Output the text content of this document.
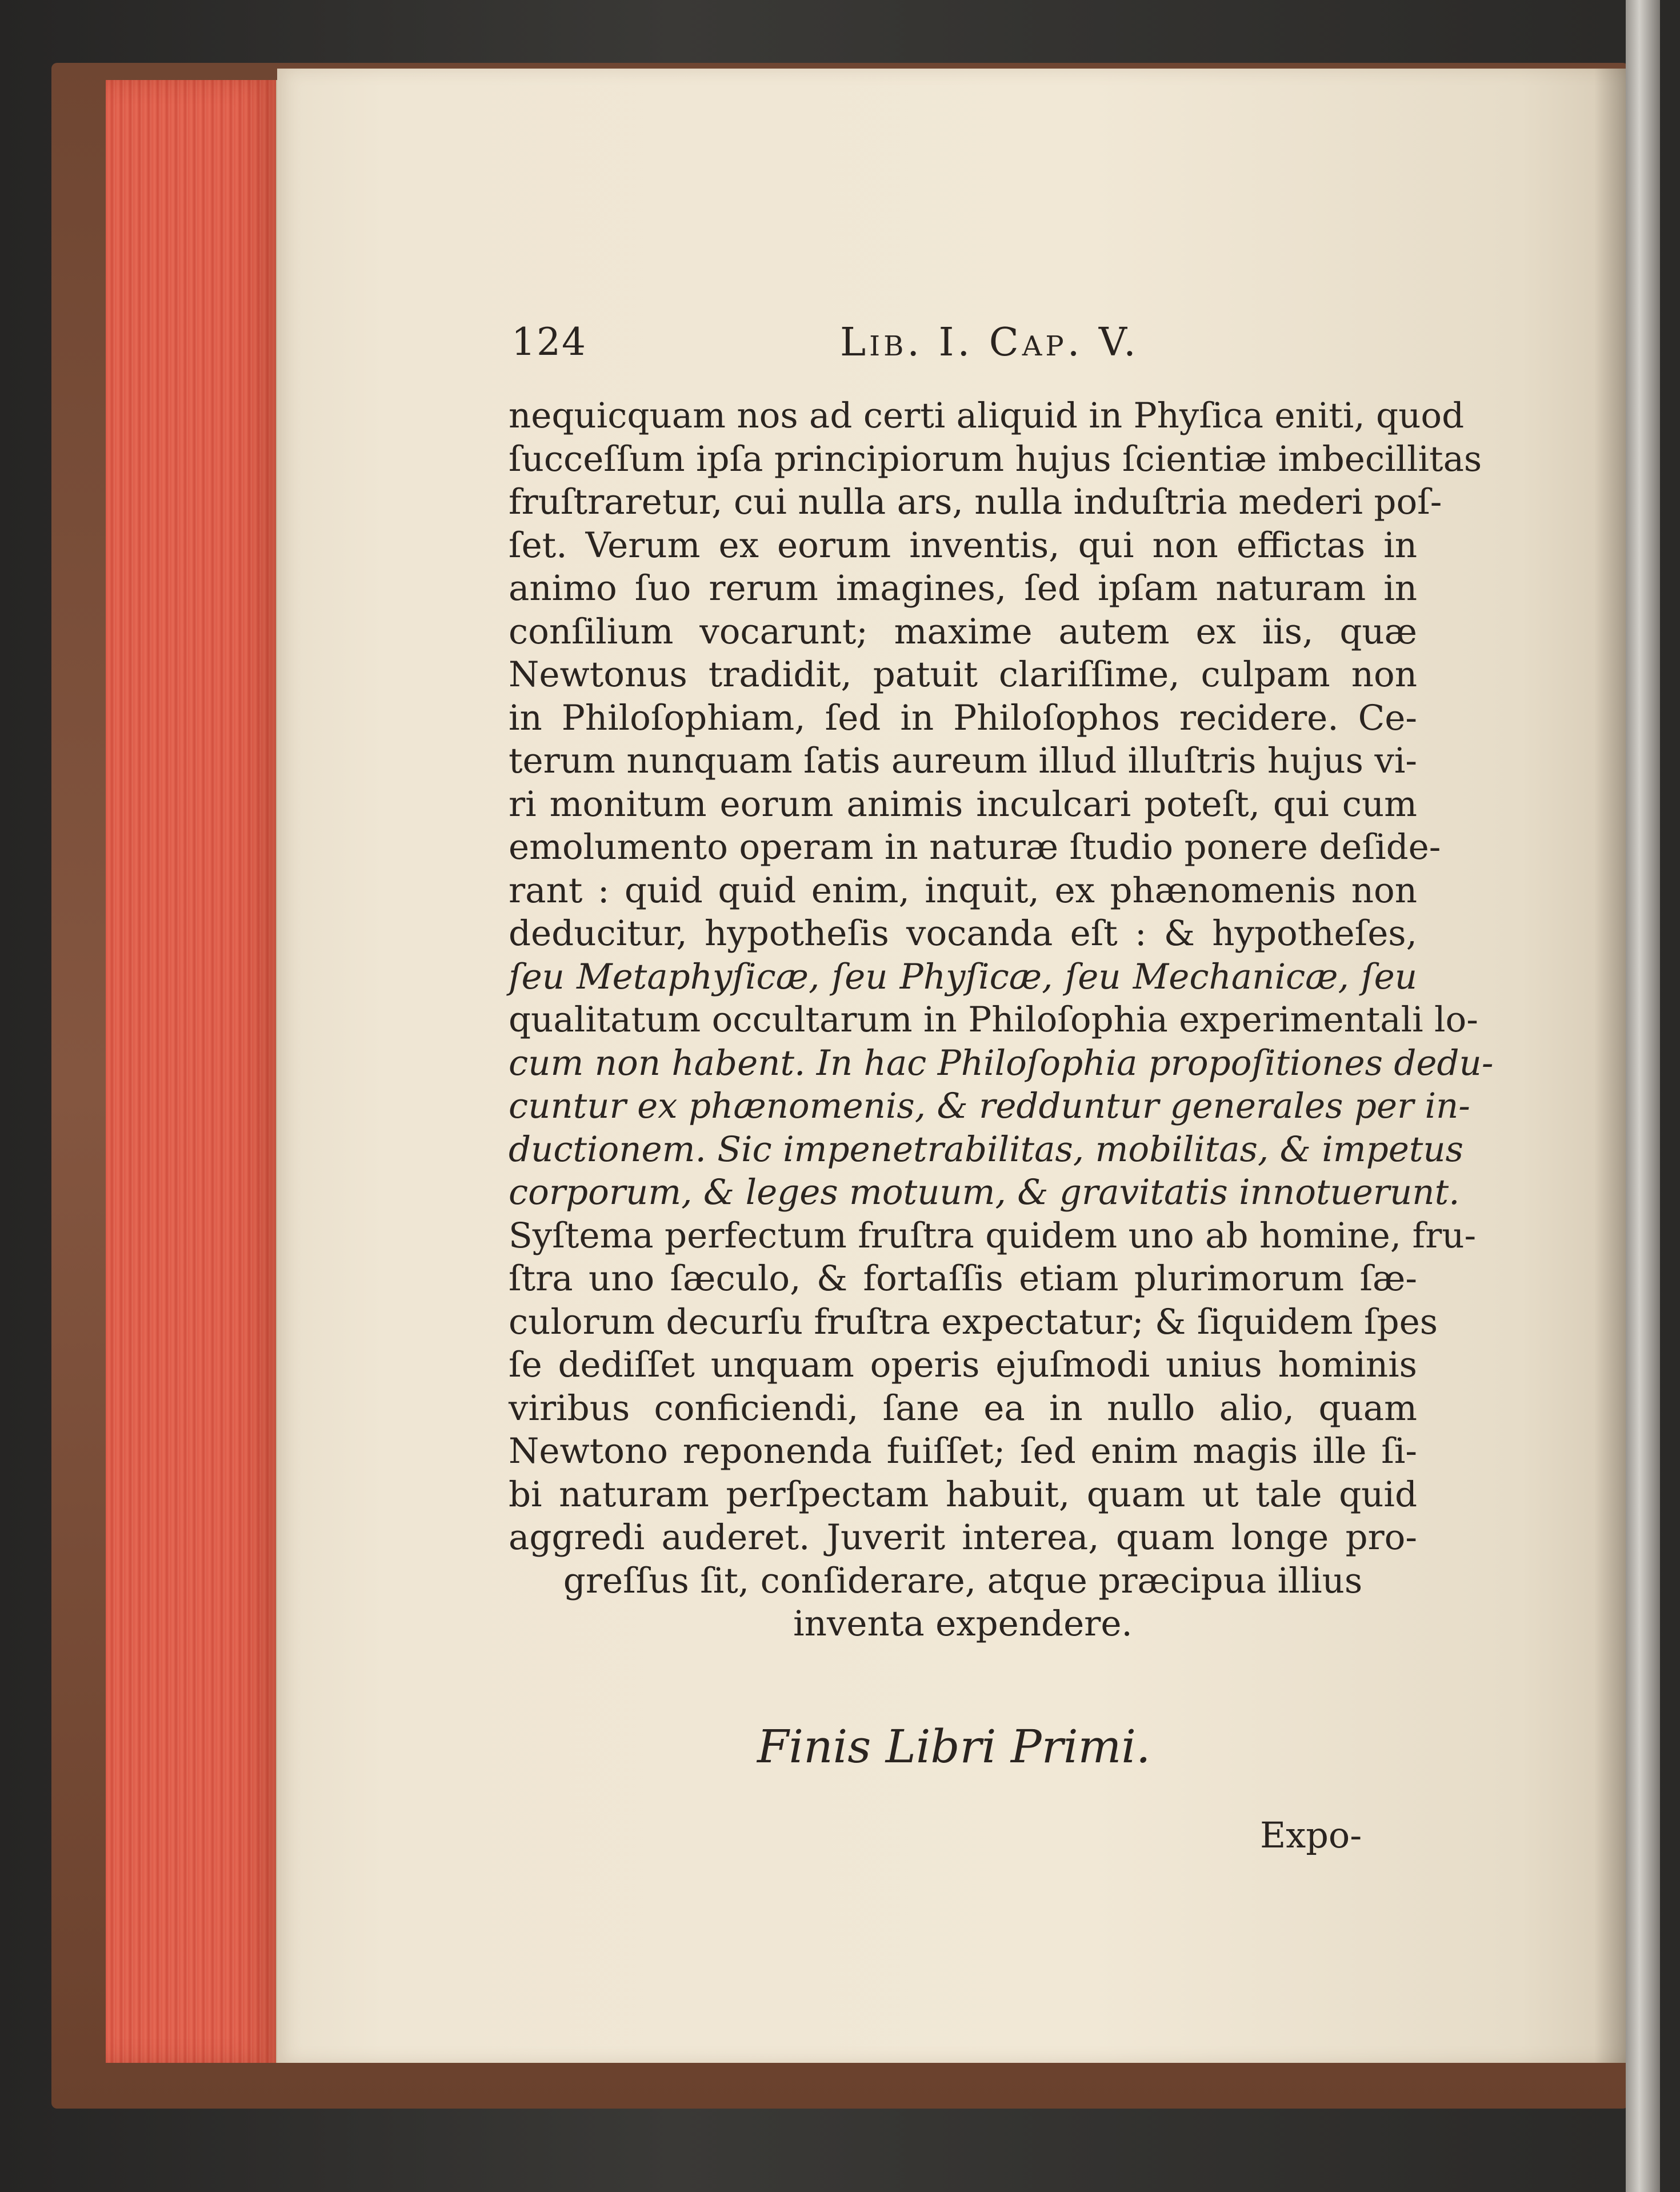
124	Lib. I. Cap. V.
nequicquam nos ad certi aliquid in Phyſica eniti, quod
ſucceſſum ipſa principiorum hujus ſcientiæ imbecillitas
fruſtraretur, cui nulla ars, nulla induſtria mederi poſ-
ſet. Verum ex eorum inventis, qui non effictas in
animo ſuo rerum imagines, ſed ipſam naturam in
conſilium vocarunt; maxime autem ex iis, quæ
Newtonus tradidit, patuit clariſſime, culpam non
in Philoſophiam, ſed in Philoſophos recidere. Ce-
terum nunquam ſatis aureum illud illuſtris hujus vi-
ri monitum eorum animis inculcari poteſt, qui cum
emolumento operam in naturæ ſtudio ponere deſide-
rant : quid quid enim, inquit, ex phænomenis non
deducitur, hypotheſis vocanda eſt : & hypotheſes,
ſeu Metaphyſicæ, ſeu Phyſicæ, ſeu Mechanicæ, ſeu
qualitatum occultarum in Philoſophia experimentali lo-
cum non habent. In hac Philoſophia propoſitiones dedu-
cuntur ex phænomenis, & redduntur generales per in-
ductionem. Sic impenetrabilitas, mobilitas, & impetus
corporum, & leges motuum, & gravitatis innotuerunt.
Syſtema perfectum fruſtra quidem uno ab homine, fru-
ſtra uno ſæculo, & fortaſſis etiam plurimorum ſæ-
culorum decurſu fruſtra expectatur; & ſiquidem ſpes
ſe dediſſet unquam operis ejuſmodi unius hominis
viribus conficiendi, ſane ea in nullo alio, quam
Newtono reponenda fuiſſet; ſed enim magis ille ſi-
bi naturam perſpectam habuit, quam ut tale quid
aggredi auderet. Juverit interea, quam longe pro-
greſſus ſit, conſiderare, atque præcipua illius
inventa expendere.
Finis Libri Primi.
Expo-
